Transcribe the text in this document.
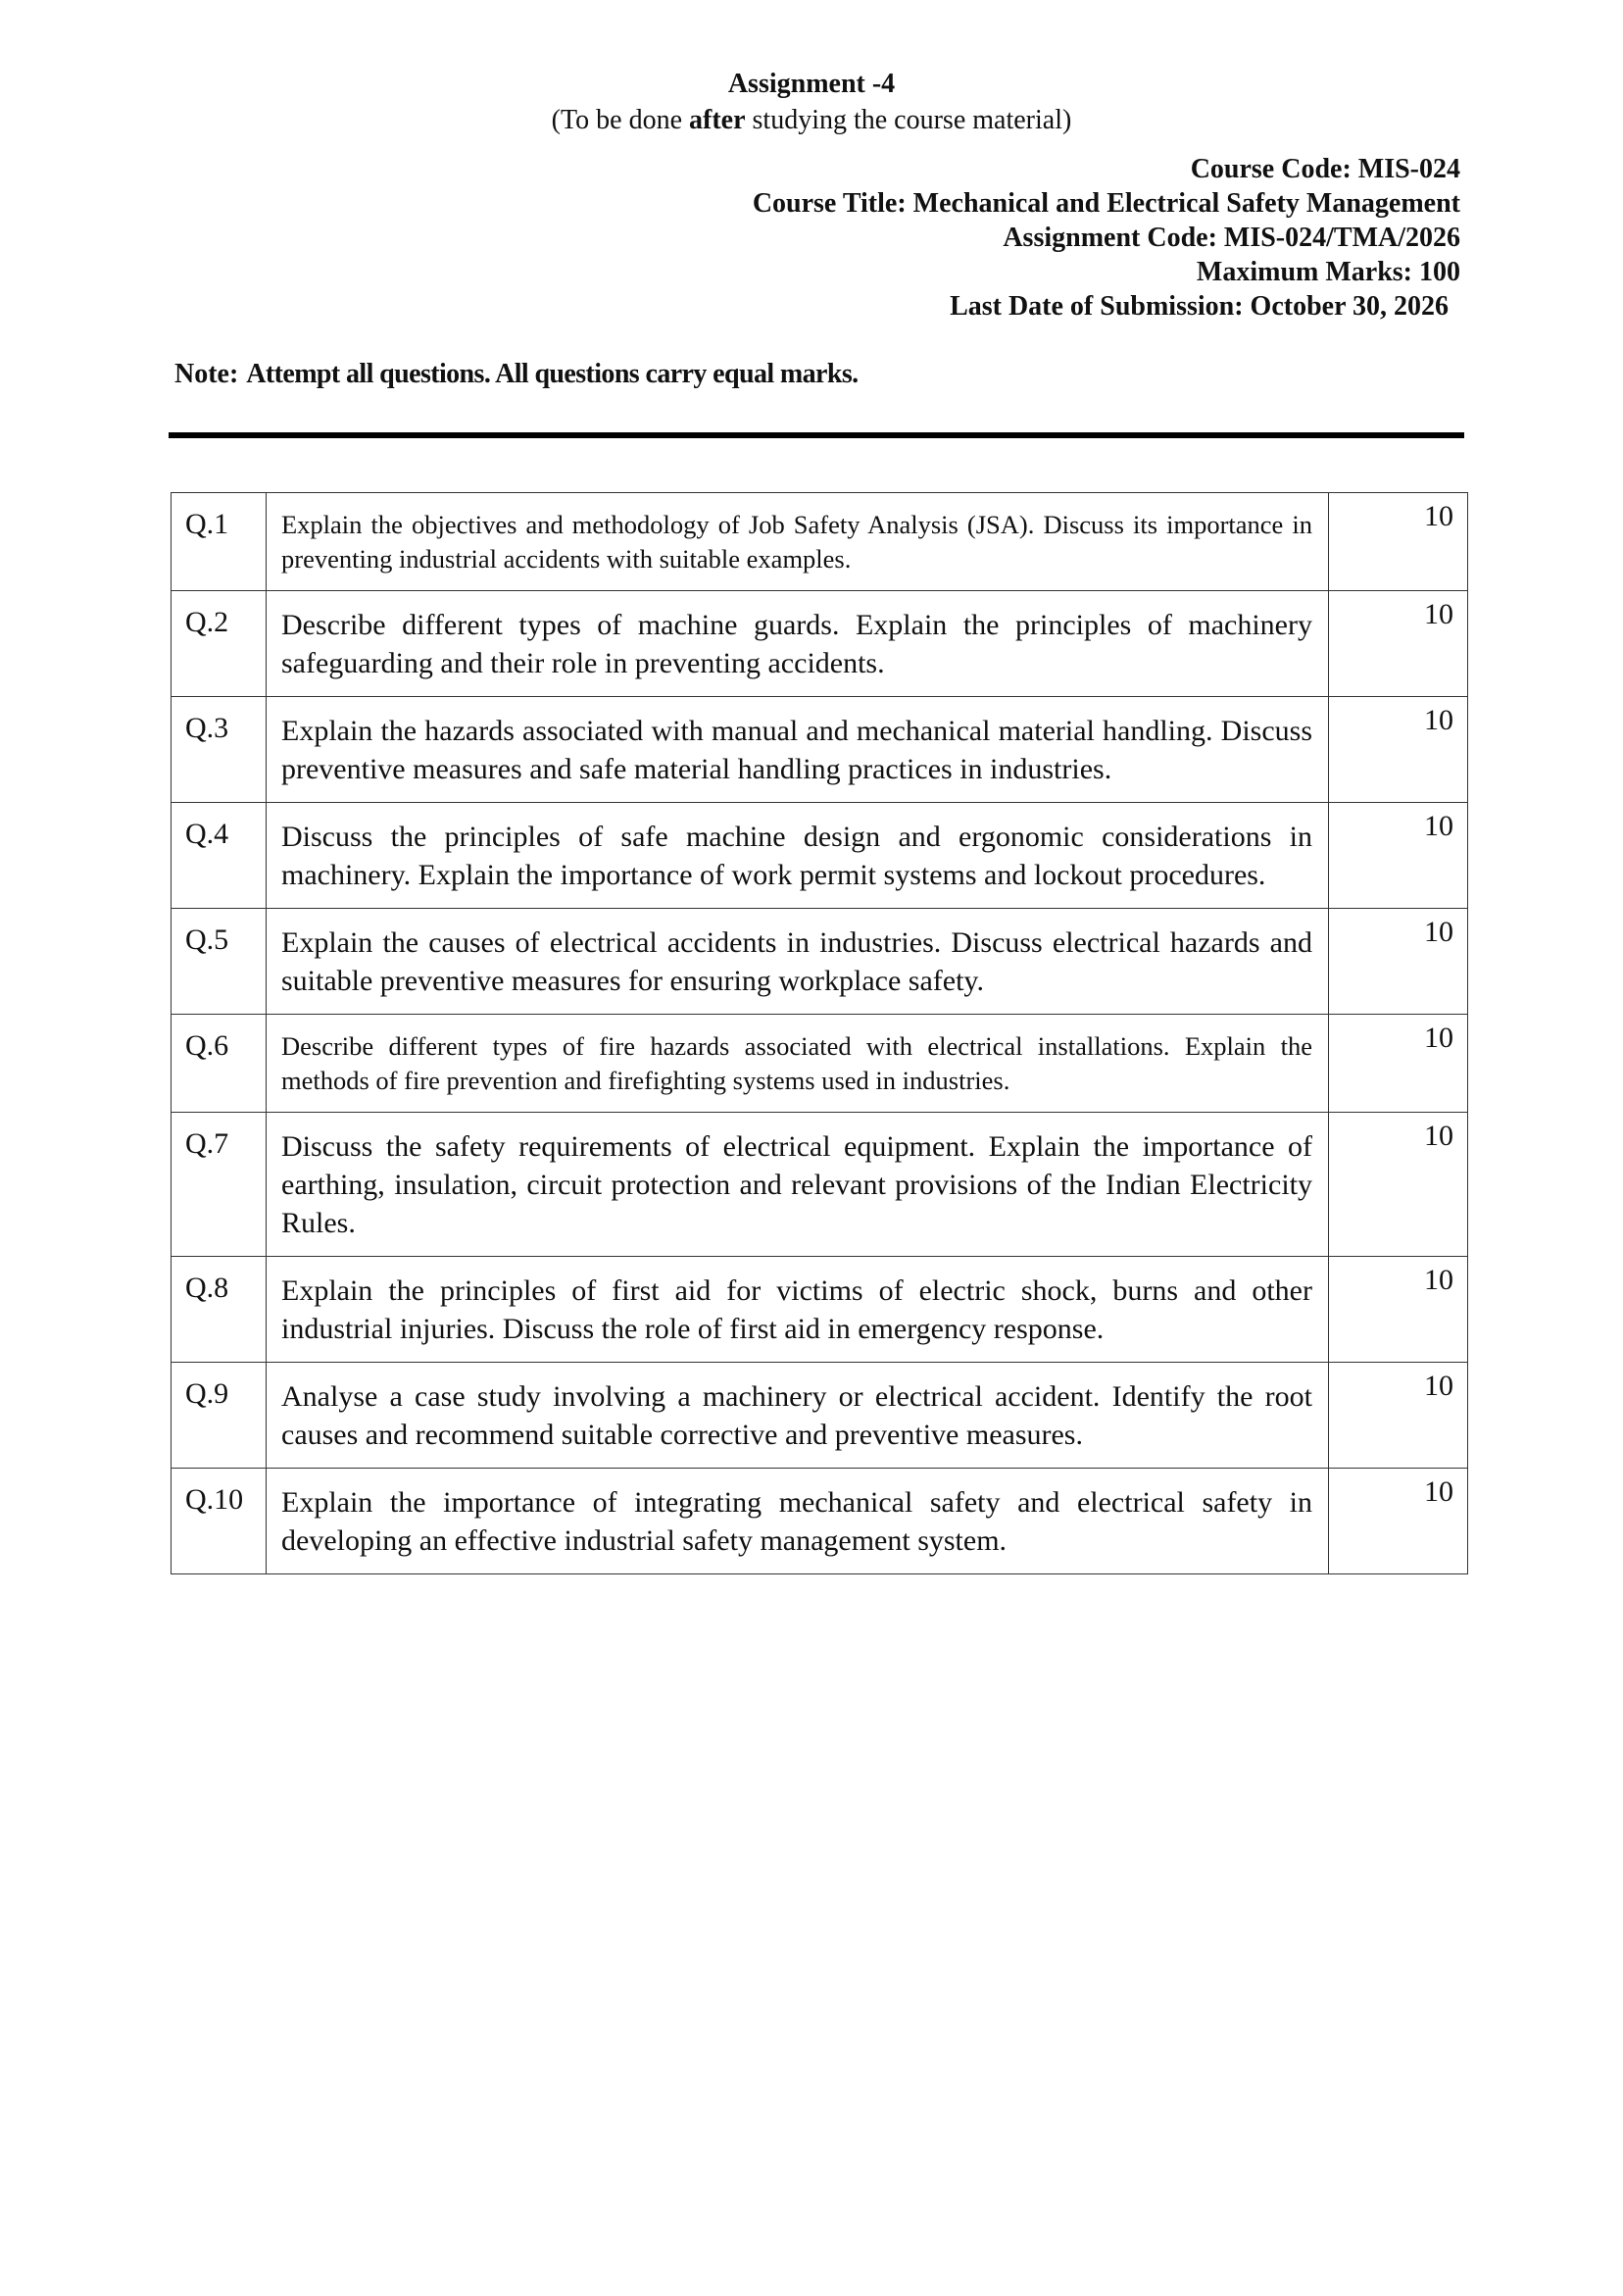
Assignment -4
(To be done after studying the course material)
Course Code: MIS-024
Course Title: Mechanical and Electrical Safety Management
Assignment Code: MIS-024/TMA/2026
Maximum Marks: 100
Last Date of Submission: October 30, 2026
Note: Attempt all questions. All questions carry equal marks.
Q.1	Explain the objectives and methodology of Job Safety Analysis (JSA). Discuss its importance in preventing industrial accidents with suitable examples.	10
Q.2	Describe different types of machine guards. Explain the principles of machinery safeguarding and their role in preventing accidents.	10
Q.3	Explain the hazards associated with manual and mechanical material handling. Discuss preventive measures and safe material handling practices in industries.	10
Q.4	Discuss the principles of safe machine design and ergonomic considerations in machinery. Explain the importance of work permit systems and lockout procedures.	10
Q.5	Explain the causes of electrical accidents in industries. Discuss electrical hazards and suitable preventive measures for ensuring workplace safety.	10
Q.6	Describe different types of fire hazards associated with electrical installations. Explain the methods of fire prevention and firefighting systems used in industries.	10
Q.7	Discuss the safety requirements of electrical equipment. Explain the importance of earthing, insulation, circuit protection and relevant provisions of the Indian Electricity Rules.	10
Q.8	Explain the principles of first aid for victims of electric shock, burns and other industrial injuries. Discuss the role of first aid in emergency response.	10
Q.9	Analyse a case study involving a machinery or electrical accident. Identify the root causes and recommend suitable corrective and preventive measures.	10
Q.10	Explain the importance of integrating mechanical safety and electrical safety in developing an effective industrial safety management system.	10
